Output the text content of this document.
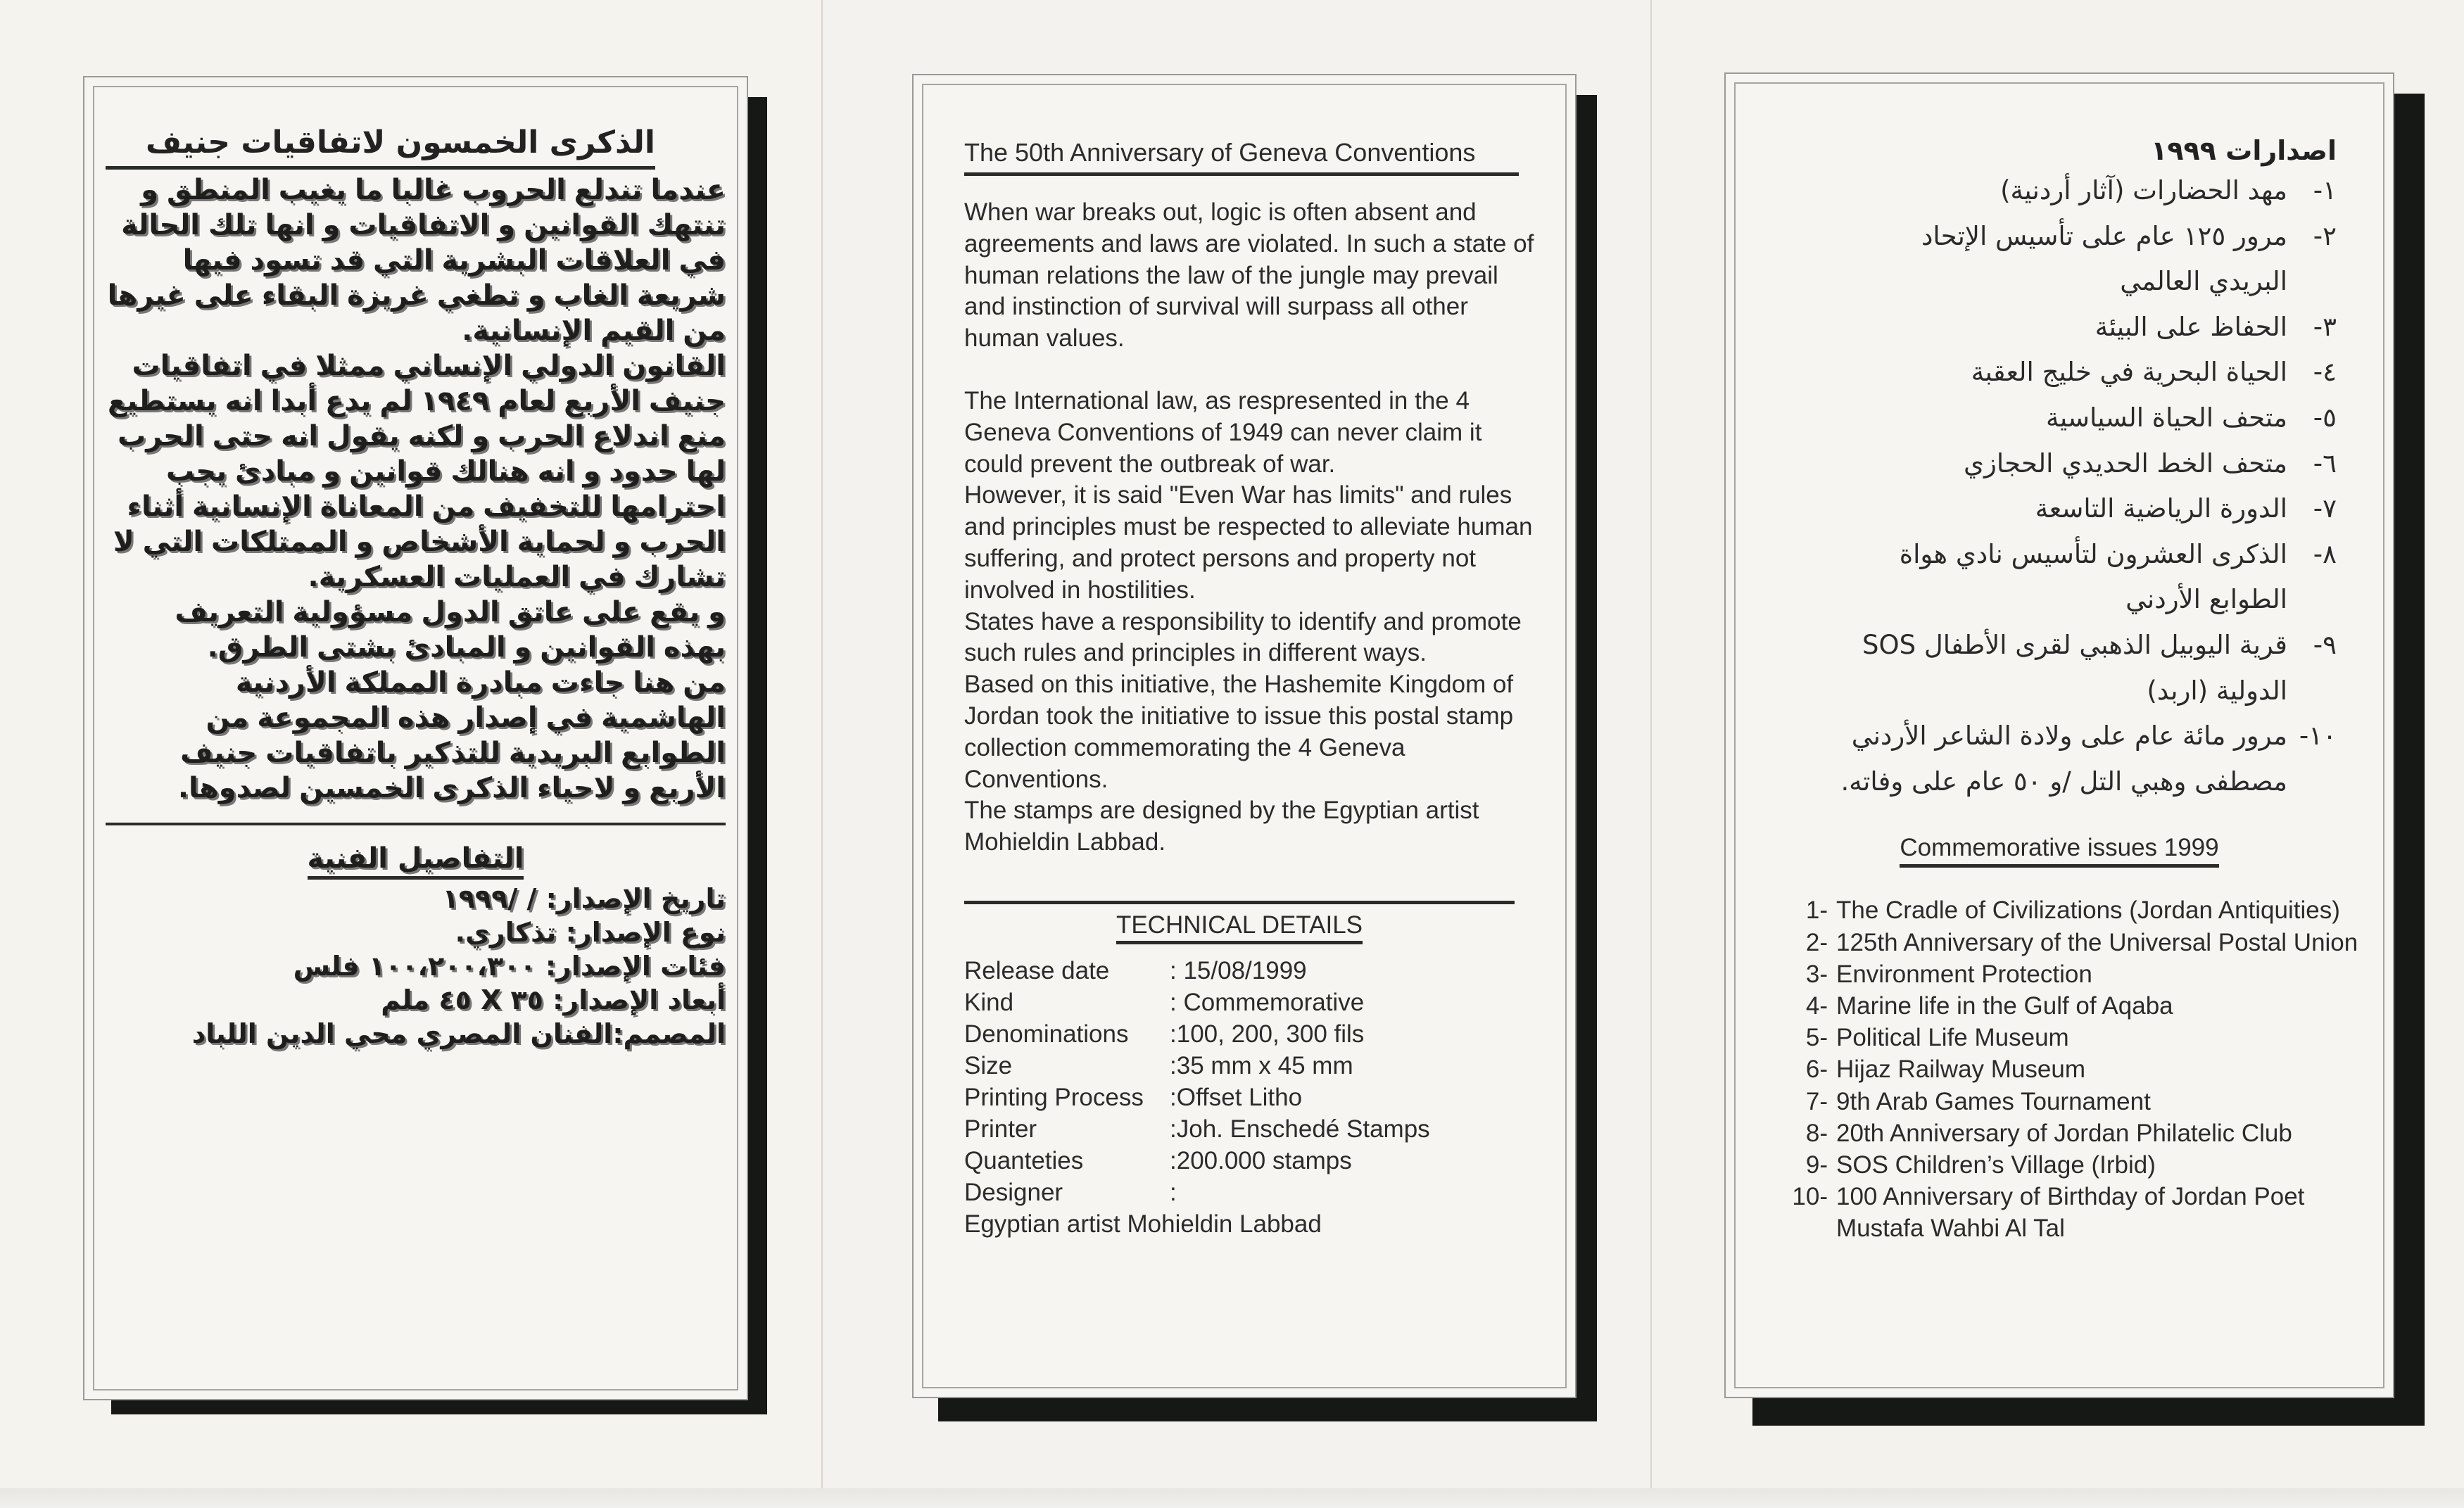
الذكرى الخمسون لاتفاقيات جنيف

عندما تندلع الحروب غالبا ما يغيب المنطق و تنتهك القوانين و الاتفاقيات و انها تلك الحالة في العلاقات البشرية التي قد تسود فيها شريعة الغاب و تطغي غريزة البقاء على غيرها من القيم الإنسانية.

القانون الدولي الإنساني ممثلا في اتفاقيات جنيف الأربع لعام ١٩٤٩ لم يدع أبدا انه يستطيع منع اندلاع الحرب و لكنه يقول انه حتى الحرب لها حدود و انه هنالك قوانين و مبادئ يجب احترامها للتخفيف من المعاناة الإنسانية أثناء الحرب و لحماية الأشخاص و الممتلكات التي لا تشارك في العمليات العسكرية.

و يقع على عاتق الدول مسؤولية التعريف بهذه القوانين و المبادئ بشتى الطرق.

من هنا جاءت مبادرة المملكة الأردنية الهاشمية في إصدار هذه المجموعة من الطوابع البريدية للتذكير باتفاقيات جنيف الأربع و لاحياء الذكرى الخمسين لصدوها.

التفاصيل الفنية
تاريخ الإصدار: / /١٩٩٩
نوع الإصدار: تذكاري.
فئات الإصدار: ١٠٠،٢٠٠،٣٠٠ فلس
أبعاد الإصدار: ٣٥ X ٤٥ ملم
المصمم:الفنان المصري محي الدين اللباد
The 50th Anniversary of Geneva Conventions

When war breaks out, logic is often absent and agreements and laws are violated. In such a state of human relations the law of the jungle may prevail and instinction of survival will surpass all other human values.

The International law, as respresented in the 4 Geneva Conventions of 1949 can never claim it could prevent the outbreak of war.

However, it is said "Even War has limits" and rules and principles must be respected to alleviate human suffering, and protect persons and property not involved in hostilities.

States have a responsibility to identify and promote such rules and principles in different ways.

Based on this initiative, the Hashemite Kingdom of Jordan took the initiative to issue this postal stamp collection commemorating the 4 Geneva Conventions.

The stamps are designed by the Egyptian artist Mohieldin Labbad.

TECHNICAL DETAILS
Release date	: 15/08/1999
Kind	: Commemorative
Denominations	:100, 200, 300 fils
Size	:35 mm x 45 mm
Printing Process	:Offset Litho
Printer	:Joh. Enschedé Stamps
Quanteties	:200.000 stamps
Designer	:
Egyptian artist Mohieldin Labbad
اصدارات ١٩٩٩
١-
مهد الحضارات (آثار أردنية)
٢-
مرور ١٢٥ عام على تأسيس الإتحاد
البريدي العالمي
٣-
الحفاظ على البيئة
٤-
الحياة البحرية في خليج العقبة
٥-
متحف الحياة السياسية
٦-
متحف الخط الحديدي الحجازي
٧-
الدورة الرياضية التاسعة
٨-
الذكرى العشرون لتأسيس نادي هواة
الطوابع الأردني
٩-
قرية اليوبيل الذهبي لقرى الأطفال SOS
الدولية (اربد)
١٠-
مرور مائة عام على ولادة الشاعر الأردني
مصطفى وهبي التل /و ٥٠ عام على وفاته.
Commemorative issues 1999
1- The Cradle of Civilizations (Jordan Antiquities)
2- 125th Anniversary of the Universal Postal Union
3- Environment Protection
4- Marine life in the Gulf of Aqaba
5- Political Life Museum
6- Hijaz Railway Museum
7- 9th Arab Games Tournament
8- 20th Anniversary of Jordan Philatelic Club
9- SOS Children’s Village (Irbid)
10- 100 Anniversary of Birthday of Jordan Poet Mustafa Wahbi Al Tal
